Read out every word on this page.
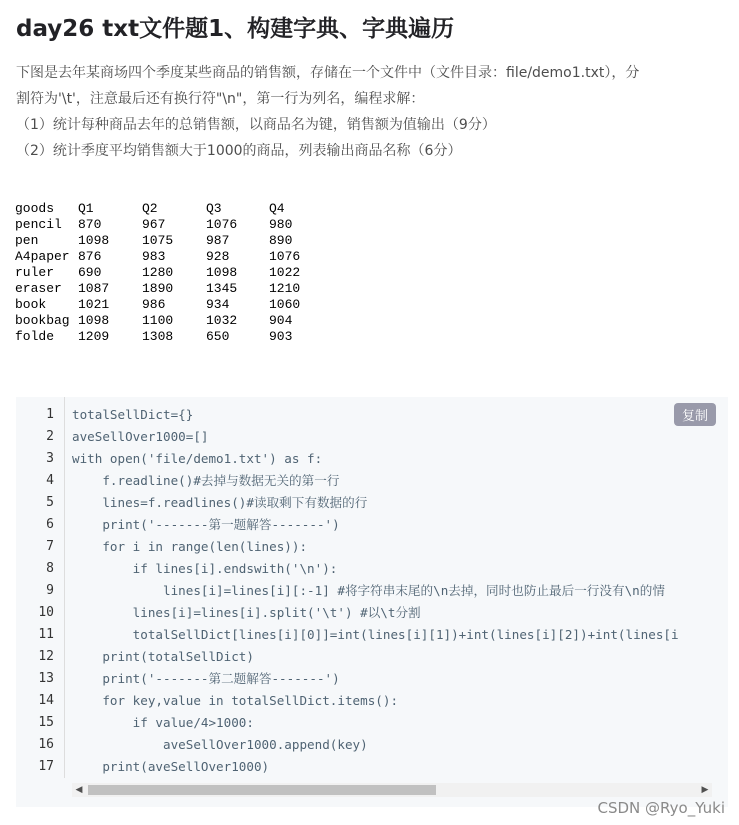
day26 txt文件题1、构建字典、字典遍历

下图是去年某商场四个季度某些商品的销售额，存储在一个文件中（文件目录：file/demo1.txt），分

割符为'\t'，注意最后还有换行符"\n"，第一行为列名，编程求解：

（1）统计每种商品去年的总销售额，以商品名为键，销售额为值输出（9分）

（2）统计季度平均销售额大于1000的商品，列表输出商品名称（6分）

goods	Q1	Q2	Q3	Q4
pencil	870	967	1076	980
pen	1098	1075	987	890
A4paper	876	983	928	1076
ruler	690	1280	1098	1022
eraser	1087	1890	1345	1210
book	1021	986	934	1060
bookbag	1098	1100	1032	904
folde	1209	1308	650	903
1
2
3
4
5
6
7
8
9
10
11
12
13
14
15
16
17
totalSellDict={}
aveSellOver1000=[]
with open('file/demo1.txt') as f:
f.readline()#去掉与数据无关的第一行
lines=f.readlines()#读取剩下有数据的行
print('-------第一题解答-------')
for i in range(len(lines)):
if lines[i].endswith('\n'):
lines[i]=lines[i][:-1] #将字符串末尾的\n去掉，同时也防止最后一行没有\n的情
lines[i]=lines[i].split('\t') #以\t分割
totalSellDict[lines[i][0]]=int(lines[i][1])+int(lines[i][2])+int(lines[i
print(totalSellDict)
print('-------第二题解答-------')
for key,value in totalSellDict.items():
if value/4>1000:
aveSellOver1000.append(key)
print(aveSellOver1000)
复制
◀	▶
CSDN @Ryo_Yuki
